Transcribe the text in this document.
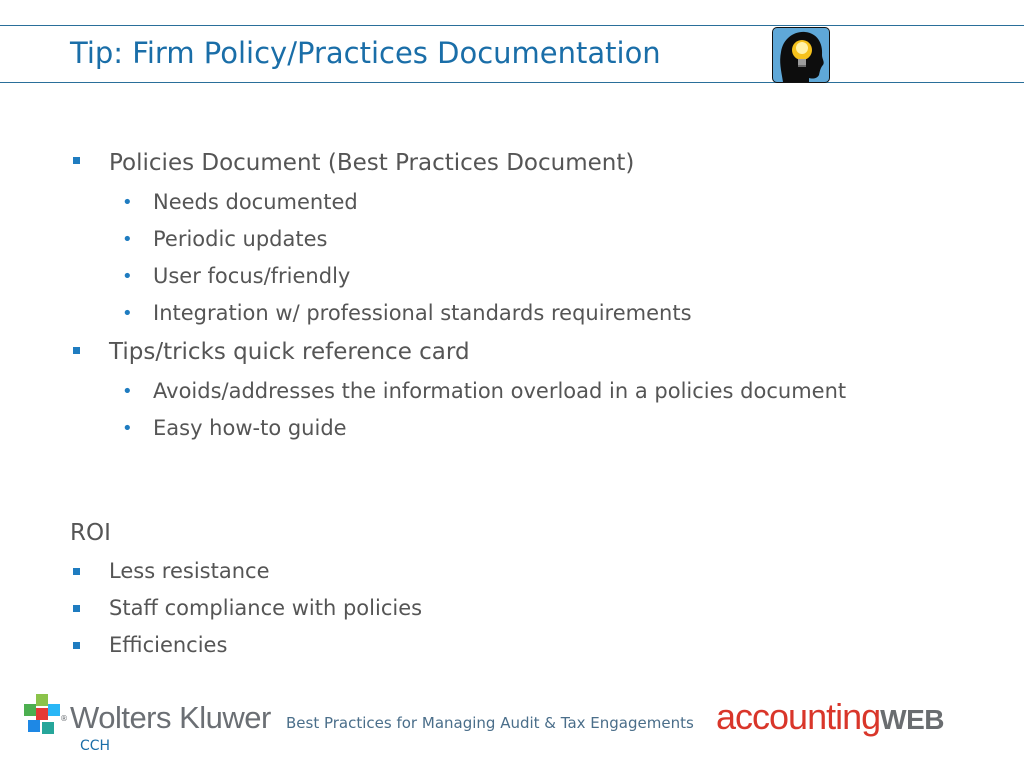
Tip: Firm Policy/Practices Documentation
Policies Document (Best Practices Document)
• Needs documented
• Periodic updates
• User focus/friendly
• Integration w/ professional standards requirements
Tips/tricks quick reference card
• Avoids/addresses the information overload in a policies document
• Easy how-to guide
ROI
Less resistance
Staff compliance with policies
Efficiencies
® Wolters Kluwer
CCH
Best Practices for Managing Audit & Tax Engagements accountingWEB
